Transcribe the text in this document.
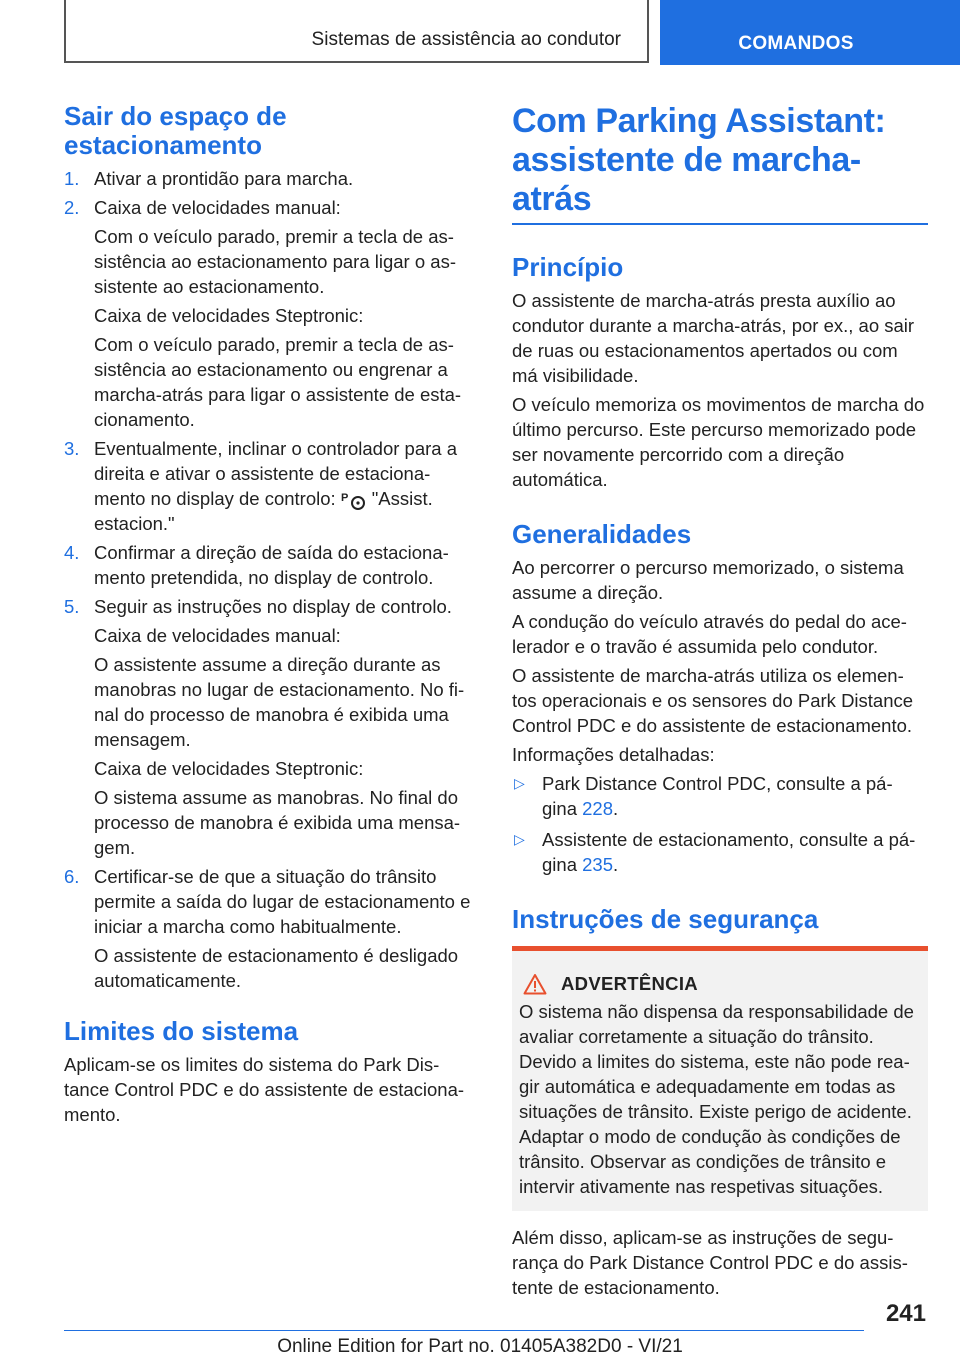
Sistemas de assistência ao condutor	COMANDOS
Sair do espaço de estacionamento

1. Ativar a prontidão para marcha.

2. Caixa de velocidades manual:

Com o veículo parado, premir a tecla de as- sistência ao estacionamento para ligar o as- sistente ao estacionamento.

Caixa de velocidades Steptronic:

Com o veículo parado, premir a tecla de as- sistência ao estacionamento ou engrenar a marcha-atrás para ligar o assistente de esta- cionamento.

3. Eventualmente, inclinar o controlador para a direita e ativar o assistente de estaciona- mento no display de controlo: P "Assist. estacion."

4. Confirmar a direção de saída do estaciona- mento pretendida, no display de controlo.

5. Seguir as instruções no display de controlo.

Caixa de velocidades manual:

O assistente assume a direção durante as manobras no lugar de estacionamento. No fi- nal do processo de manobra é exibida uma mensagem.

Caixa de velocidades Steptronic:

O sistema assume as manobras. No final do processo de manobra é exibida uma mensa- gem.

6. Certificar-se de que a situação do trânsito permite a saída do lugar de estacionamento e iniciar a marcha como habitualmente.

O assistente de estacionamento é desligado automaticamente.

Limites do sistema

Aplicam-se os limites do sistema do Park Dis- tance Control PDC e do assistente de estaciona- mento.

Com Parking Assistant: assistente de marcha-atrás
Princípio

O assistente de marcha-atrás presta auxílio ao condutor durante a marcha-atrás, por ex., ao sair de ruas ou estacionamentos apertados ou com má visibilidade.

O veículo memoriza os movimentos de marcha do último percurso. Este percurso memorizado pode ser novamente percorrido com a direção automática.

Generalidades

Ao percorrer o percurso memorizado, o sistema assume a direção.

A condução do veículo através do pedal do ace- lerador e o travão é assumida pelo condutor.

O assistente de marcha-atrás utiliza os elemen- tos operacionais e os sensores do Park Distance Control PDC e do assistente de estacionamento.

Informações detalhadas:

▷ Park Distance Control PDC, consulte a pá- gina 228.

▷ Assistente de estacionamento, consulte a pá- gina 235.

Instruções de segurança
ADVERTÊNCIA

O sistema não dispensa da responsabilidade de avaliar corretamente a situação do trânsito. Devido a limites do sistema, este não pode rea- gir automática e adequadamente em todas as situações de trânsito. Existe perigo de acidente. Adaptar o modo de condução às condições de trânsito. Observar as condições de trânsito e intervir ativamente nas respetivas situações.

Além disso, aplicam-se as instruções de segu- rança do Park Distance Control PDC e do assis- tente de estacionamento.

241
Online Edition for Part no. 01405A382D0 - VI/21
